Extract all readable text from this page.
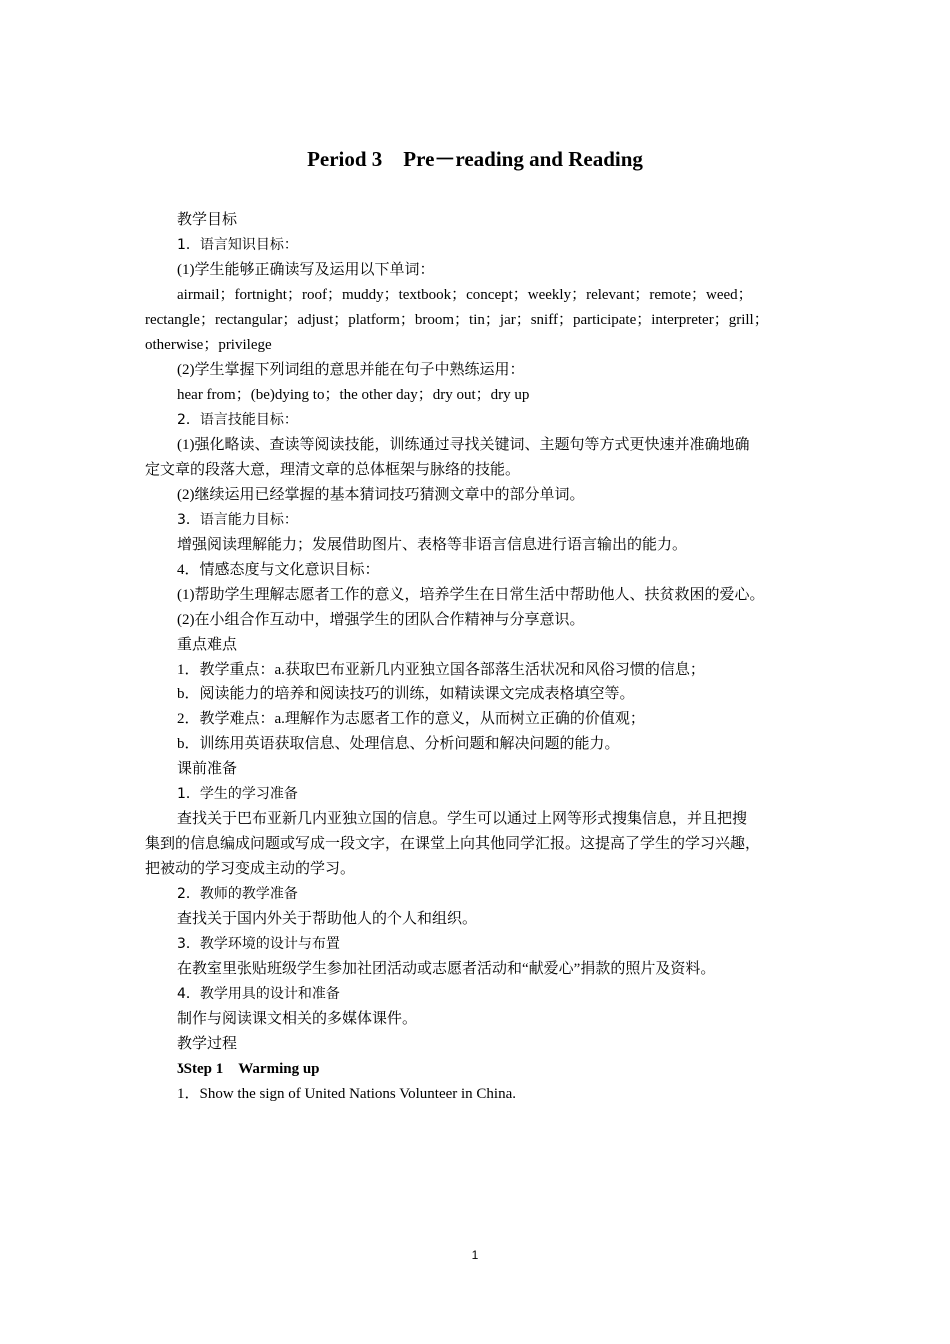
Period 3　Pre－reading and Reading
教学目标
1．语言知识目标：
(1)学生能够正确读写及运用以下单词：
airmail；fortnight；roof；muddy；textbook；concept；weekly；relevant；remote；weed；
rectangle；rectangular；adjust；platform；broom；tin；jar；sniff；participate；interpreter；grill；
otherwise；privilege
(2)学生掌握下列词组的意思并能在句子中熟练运用：
hear from；(be)dying to；the other day；dry out；dry up
2．语言技能目标：
(1)强化略读、查读等阅读技能，训练通过寻找关键词、主题句等方式更快速并准确地确
定文章的段落大意，理清文章的总体框架与脉络的技能。
(2)继续运用已经掌握的基本猜词技巧猜测文章中的部分单词。
3．语言能力目标：
增强阅读理解能力；发展借助图片、表格等非语言信息进行语言输出的能力。
4．情感态度与文化意识目标：
(1)帮助学生理解志愿者工作的意义，培养学生在日常生活中帮助他人、扶贫救困的爱心。
(2)在小组合作互动中，增强学生的团队合作精神与分享意识。
重点难点
1．教学重点：a.获取巴布亚新几内亚独立国各部落生活状况和风俗习惯的信息；
b．阅读能力的培养和阅读技巧的训练，如精读课文完成表格填空等。
2．教学难点：a.理解作为志愿者工作的意义，从而树立正确的价值观；
b．训练用英语获取信息、处理信息、分析问题和解决问题的能力。
课前准备
1．学生的学习准备
查找关于巴布亚新几内亚独立国的信息。学生可以通过上网等形式搜集信息，并且把搜
集到的信息编成问题或写成一段文字，在课堂上向其他同学汇报。这提高了学生的学习兴趣，
把被动的学习变成主动的学习。
2．教师的教学准备
查找关于国内外关于帮助他人的个人和组织。
3．教学环境的设计与布置
在教室里张贴班级学生参加社团活动或志愿者活动和“献爱心”捐款的照片及资料。
4．教学用具的设计和准备
制作与阅读课文相关的多媒体课件。
教学过程
ʖStep 1　Warming up
1．Show the sign of United Nations Volunteer in China.
1
